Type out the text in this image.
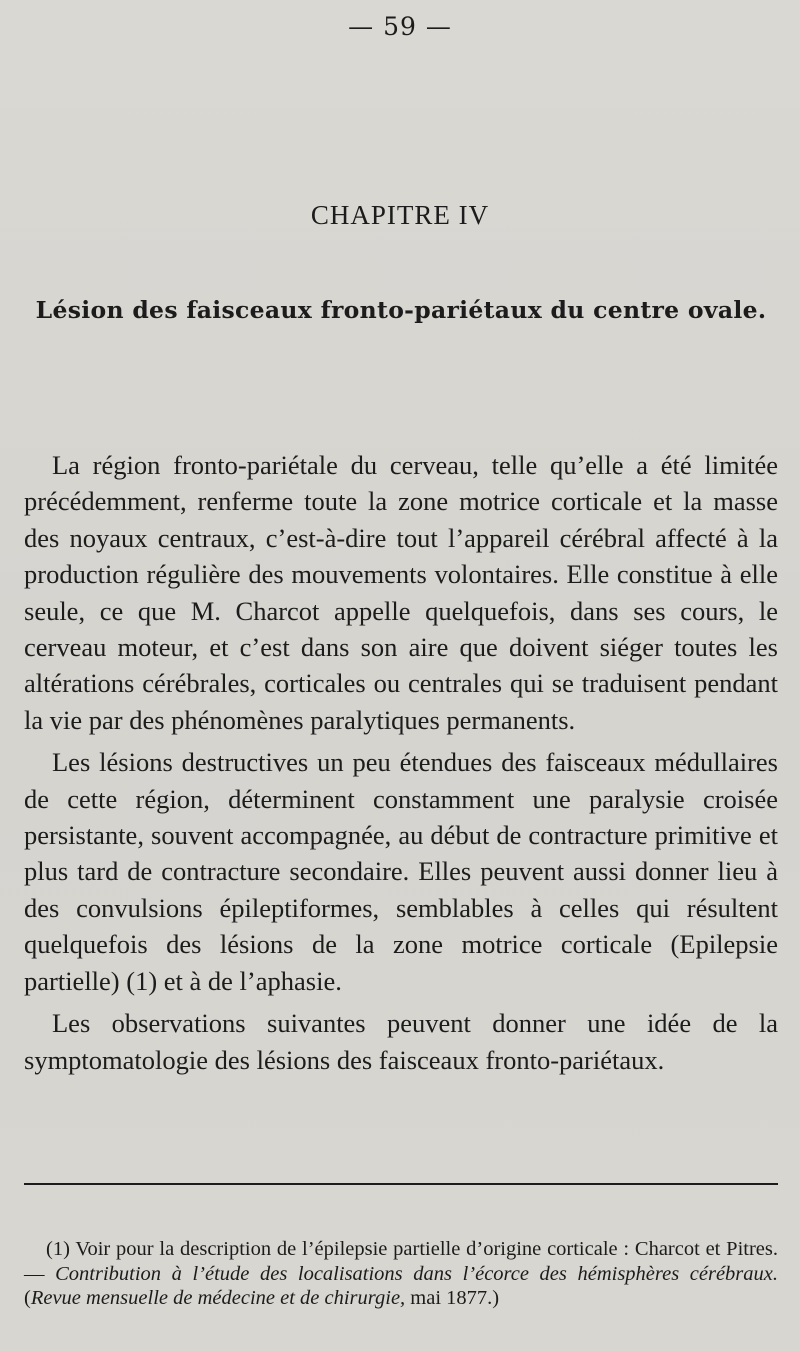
— 59 —
CHAPITRE IV
Lésion des faisceaux fronto-pariétaux du centre ovale.

La région fronto-pariétale du cerveau, telle qu’elle a été limitée précédemment, renferme toute la zone motrice corticale et la masse des noyaux centraux, c’est-à-dire tout l’appareil cérébral affecté à la production régulière des mouvements volontaires. Elle constitue à elle seule, ce que M. Charcot appelle quelquefois, dans ses cours, le cerveau moteur, et c’est dans son aire que doivent siéger toutes les altérations cérébrales, corticales ou centrales qui se traduisent pendant la vie par des phénomènes paralytiques permanents.

Les lésions destructives un peu étendues des faisceaux médullaires de cette région, déterminent constamment une paralysie croisée persistante, souvent accompagnée, au début de contracture primitive et plus tard de contracture secondaire. Elles peuvent aussi donner lieu à des convulsions épileptiformes, semblables à celles qui résultent quelquefois des lésions de la zone motrice corticale (Epilepsie partielle) (1) et à de l’aphasie.

Les observations suivantes peuvent donner une idée de la symptomatologie des lésions des faisceaux fronto-pariétaux.

(1) Voir pour la description de l’épilepsie partielle d’origine corticale : Charcot et Pitres.— Contribution à l’étude des localisations dans l’écorce des hémisphères cérébraux. (Revue mensuelle de médecine et de chirurgie, mai 1877.)
